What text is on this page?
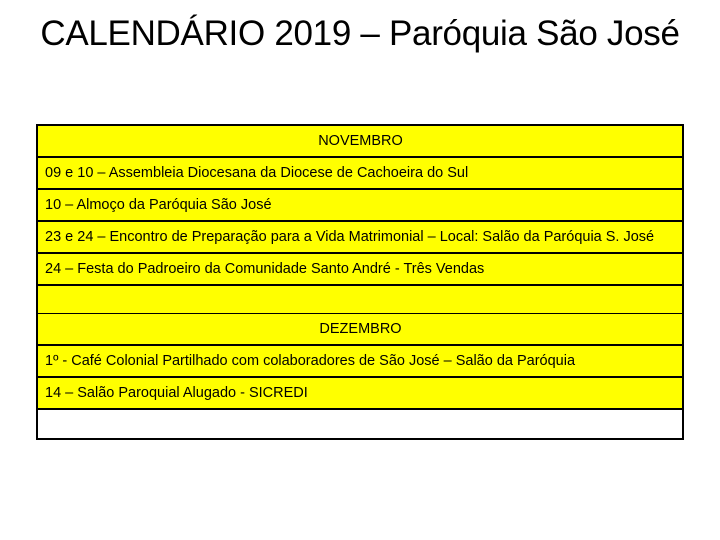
CALENDÁRIO 2019 – Paróquia São José
NOVEMBRO
09 e 10 – Assembleia Diocesana da Diocese de Cachoeira do Sul
10 – Almoço da Paróquia São José
23 e 24 – Encontro de Preparação para a Vida Matrimonial – Local: Salão da Paróquia S. José
24 – Festa do Padroeiro da Comunidade Santo André - Três Vendas
DEZEMBRO
1º - Café Colonial Partilhado com colaboradores de São José – Salão da Paróquia
14 – Salão Paroquial Alugado - SICREDI
